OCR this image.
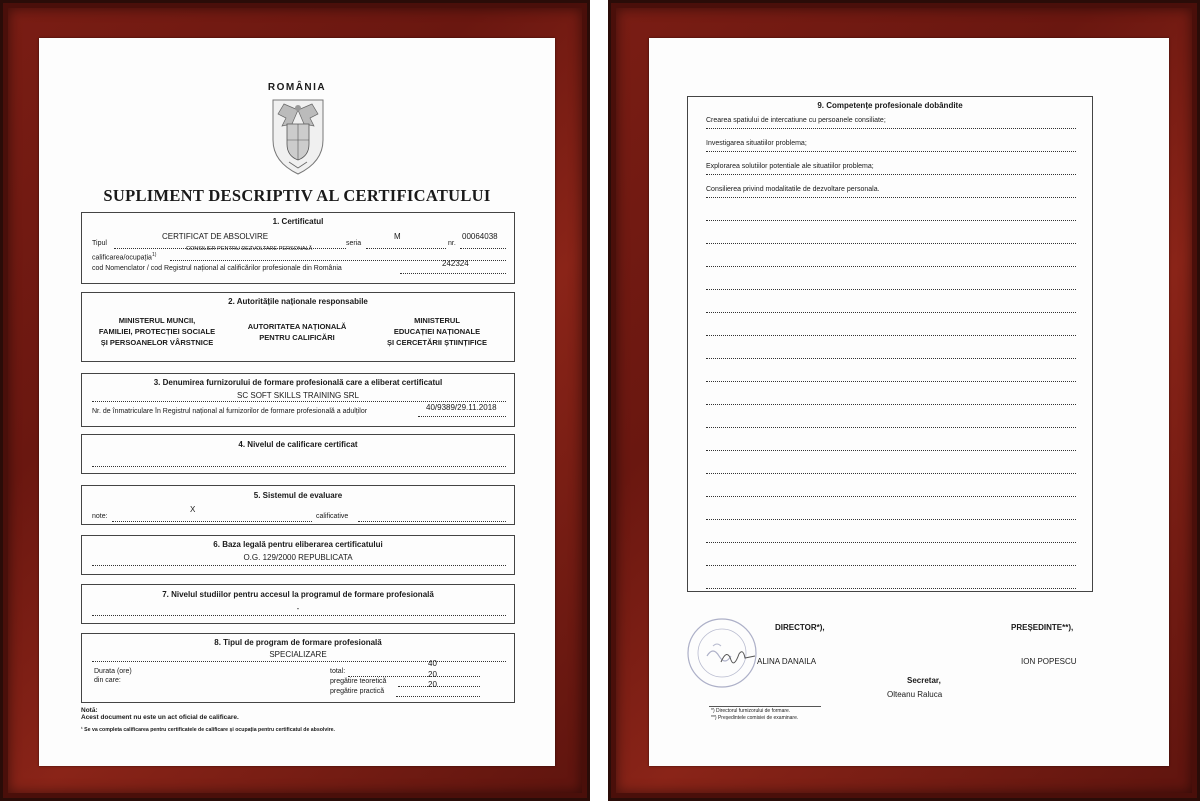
ROMÂNIA
SUPLIMENT DESCRIPTIV AL CERTIFICATULUI
1. Certificatul
Tipul
CERTIFICAT DE ABSOLVIRE
seria
M
nr.
00064038
calificarea/ocupația$^{1)}$
CONSILIER PENTRU DEZVOLTARE PERSONALĂ
cod Nomenclator / cod Registrul național al calificărilor profesionale din România
242324
2. Autoritățile naționale responsabile
MINISTERUL MUNCII,
FAMILIEI, PROTECȚIEI SOCIALE
ȘI PERSOANELOR VÂRSTNICE
AUTORITATEA NAȚIONALĂ
PENTRU CALIFICĂRI
MINISTERUL
EDUCAȚIEI NAȚIONALE
ȘI CERCETĂRII ȘTIINȚIFICE
3. Denumirea furnizorului de formare profesională care a eliberat certificatul
SC SOFT SKILLS TRAINING SRL
Nr. de înmatriculare în Registrul național al furnizorilor de formare profesională a adulților	40/9389/29.11.2018
4. Nivelul de calificare certificat
5. Sistemul de evaluare
note:
X
calificative
6. Baza legală pentru eliberarea certificatului
O.G. 129/2000 REPUBLICATA
7. Nivelul studiilor pentru accesul la programul de formare profesională
-
8. Tipul de program de formare profesională
SPECIALIZARE
Durata (ore)
din care:
total:
40
pregătire teoretică
20
pregătire practică
20
Notă:
Acest document nu este un act oficial de calificare.
¹ Se va completa calificarea pentru certificatele de calificare și ocupația pentru certificatul de absolvire.
9. Competențe profesionale dobândite
Crearea spatiului de intercatiune cu persoanele consiliate;
Investigarea situatiilor problema;
Explorarea solutiilor potentiale ale situatiilor problema;
Consilierea privind modalitatile de dezvoltare personala.
DIRECTOR*),
ALINA DANAILA
PREȘEDINTE**),
ION POPESCU
Secretar,
Olteanu Raluca
*) Directorul furnizorului de formare.
**) Președintele comisiei de examinare.
